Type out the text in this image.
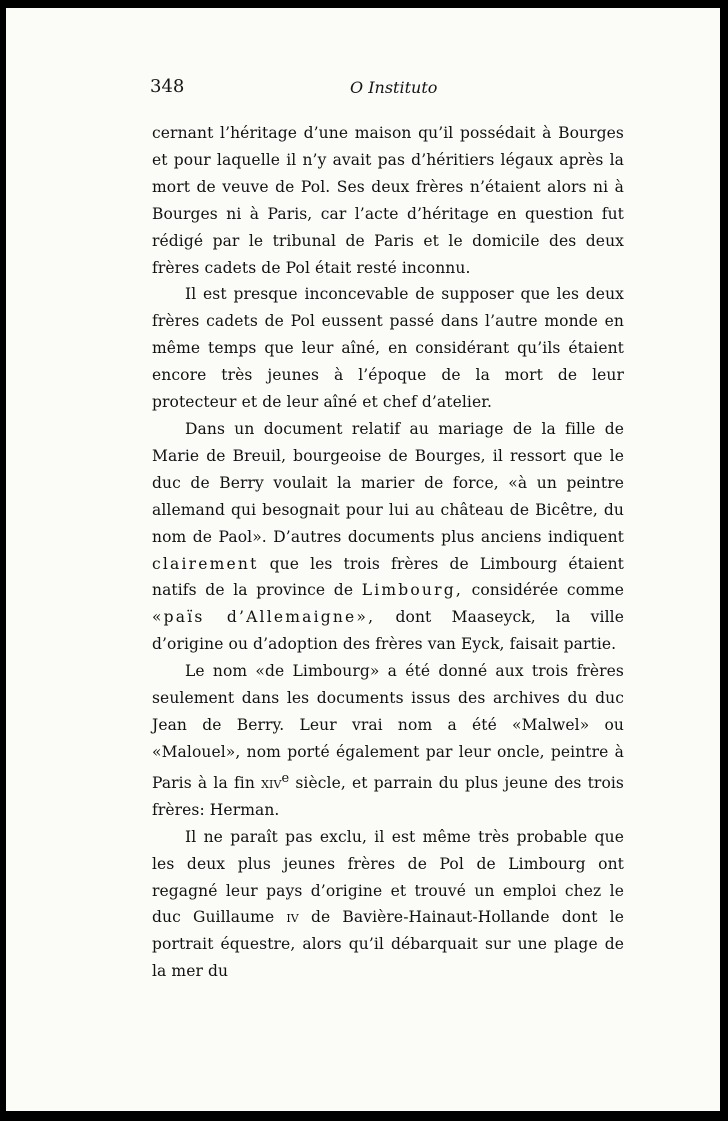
348	O Instituto

cernant l’héritage d’une maison qu’il possédait à Bourges et pour laquelle il n’y avait pas d’héritiers légaux après la mort de veuve de Pol. Ses deux frères n’étaient alors ni à Bourges ni à Paris, car l’acte d’héritage en question fut rédigé par le tribunal de Paris et le domicile des deux frères cadets de Pol était resté inconnu.

Il est presque inconcevable de supposer que les deux frères cadets de Pol eussent passé dans l’autre monde en même temps que leur aîné, en considérant qu’ils étaient encore très jeunes à l’époque de la mort de leur protecteur et de leur aîné et chef d’atelier.

Dans un document relatif au mariage de la fille de Marie de Breuil, bourgeoise de Bourges, il ressort que le duc de Berry voulait la marier de force, «à un peintre allemand qui besognait pour lui au château de Bicêtre, du nom de Paol». D’autres documents plus anciens indiquent clairement que les trois frères de Limbourg étaient natifs de la province de Limbourg, considérée comme «païs d’Allemaigne», dont Maaseyck, la ville d’origine ou d’adoption des frères van Eyck, faisait partie.

Le nom «de Limbourg» a été donné aux trois frères seulement dans les documents issus des archives du duc Jean de Berry. Leur vrai nom a été «Malwel» ou «Malouel», nom porté également par leur oncle, peintre à Paris à la fin xiv$^e$ siècle, et parrain du plus jeune des trois frères: Herman.

Il ne paraît pas exclu, il est même très probable que les deux plus jeunes frères de Pol de Limbourg ont regagné leur pays d’origine et trouvé un emploi chez le duc Guillaume iv de Bavière-Hainaut-Hollande dont le portrait équestre, alors qu’il débarquait sur une plage de la mer du
